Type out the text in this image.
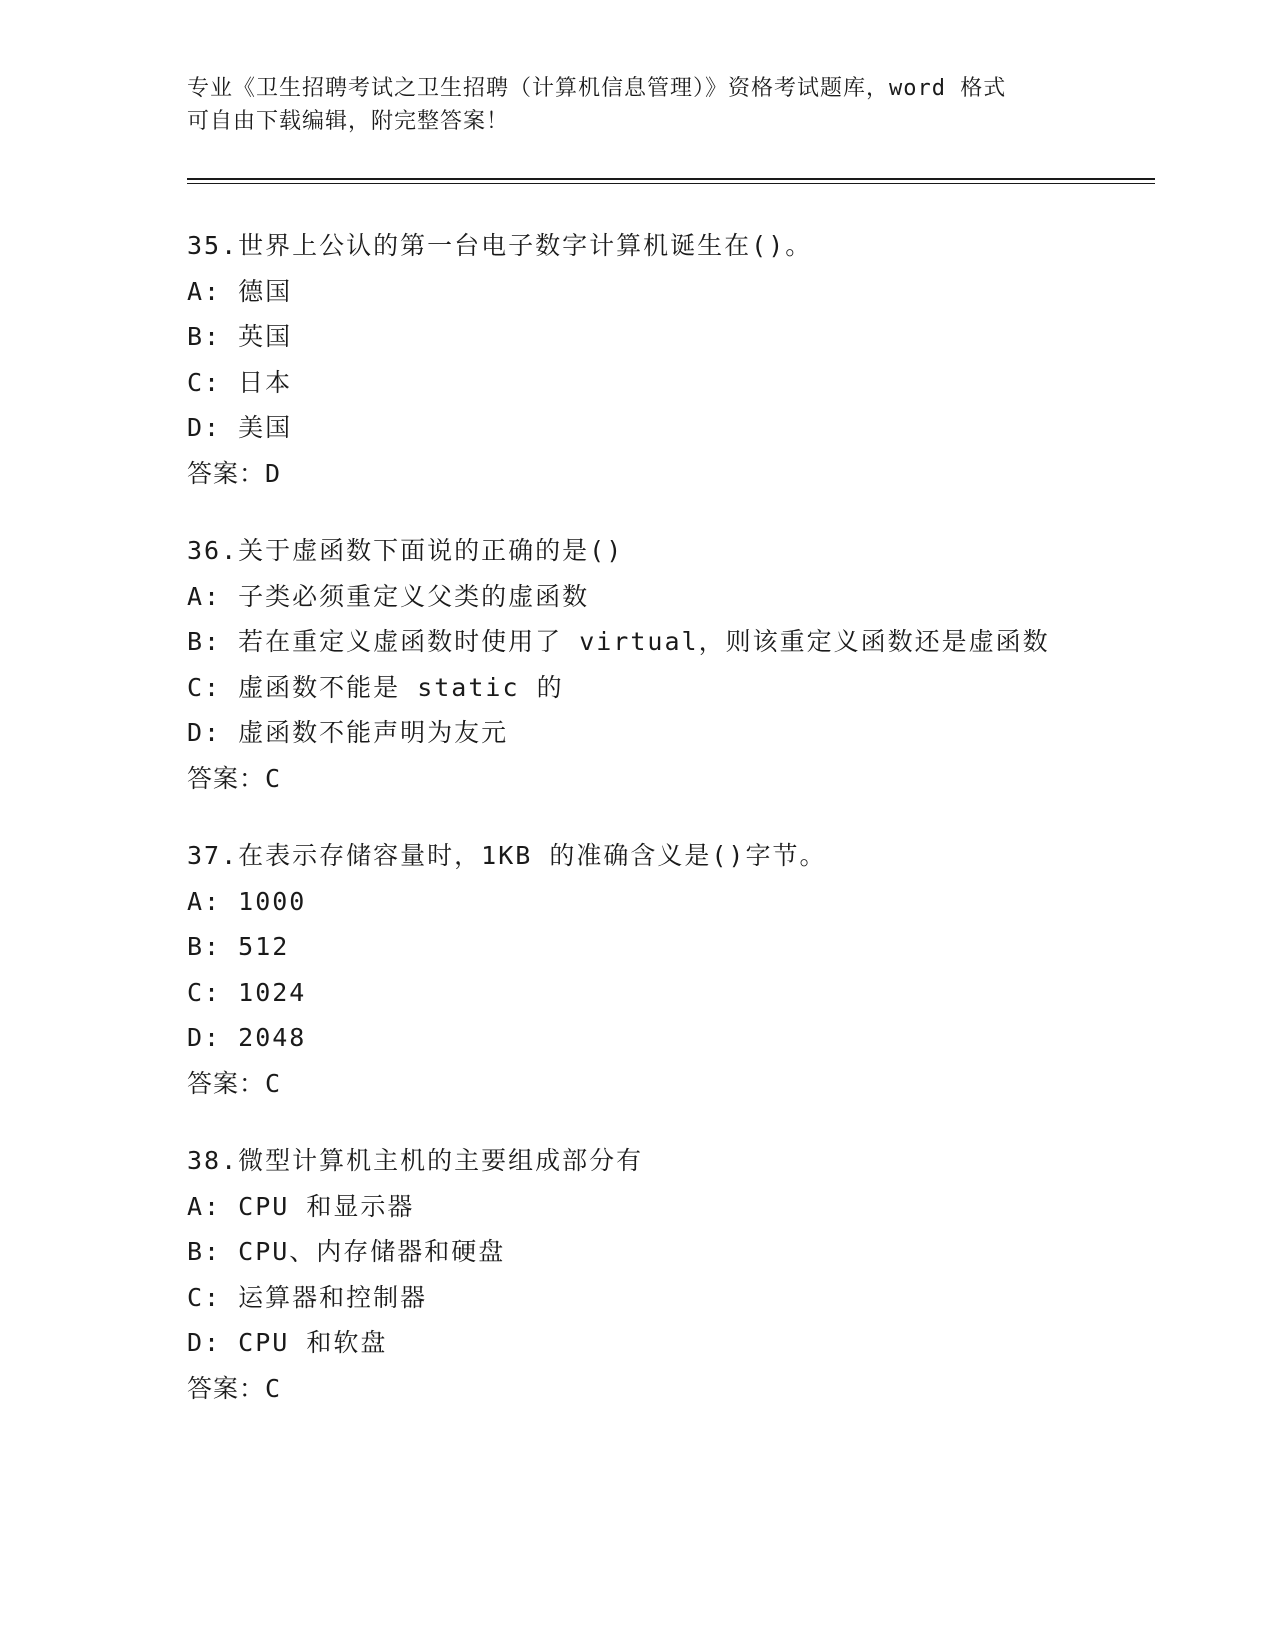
专业《卫生招聘考试之卫生招聘（计算机信息管理）》资格考试题库，word 格式
可自由下载编辑，附完整答案！
35.世界上公认的第一台电子数字计算机诞生在()。
A: 德国
B: 英国
C: 日本
D: 美国
答案：D
36.关于虚函数下面说的正确的是()
A: 子类必须重定义父类的虚函数
B: 若在重定义虚函数时使用了 virtual，则该重定义函数还是虚函数
C: 虚函数不能是 static 的
D: 虚函数不能声明为友元
答案：C
37.在表示存储容量时，1KB 的准确含义是()字节。
A: 1000
B: 512
C: 1024
D: 2048
答案：C
38.微型计算机主机的主要组成部分有
A: CPU 和显示器
B: CPU、内存储器和硬盘
C: 运算器和控制器
D: CPU 和软盘
答案：C
